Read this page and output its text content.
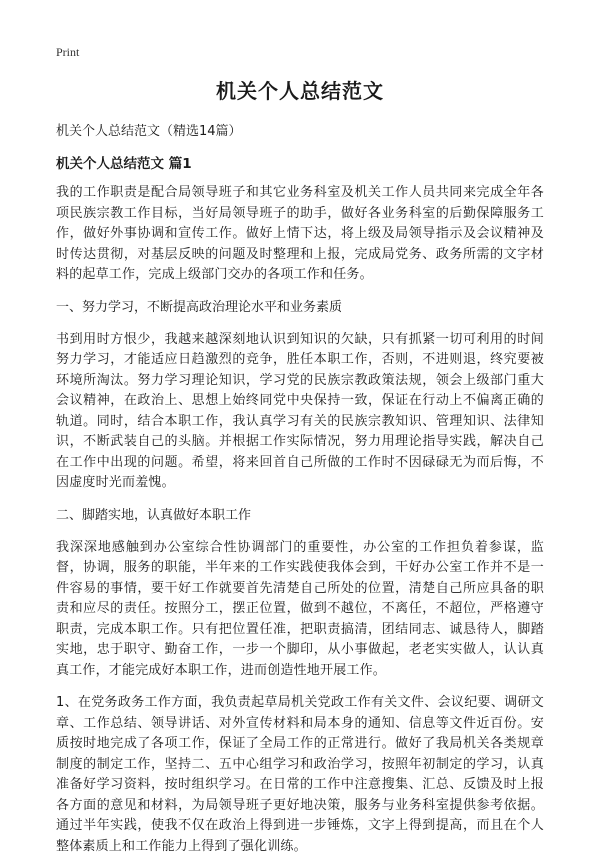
Print
机关个人总结范文
机关个人总结范文（精选14篇）
机关个人总结范文 篇1
我的工作职责是配合局领导班子和其它业务科室及机关工作人员共同来完成全年各项民族宗教工作目标，当好局领导班子的助手，做好各业务科室的后勤保障服务工作，做好外事协调和宣传工作。做好上情下达，将上级及局领导指示及会议精神及时传达贯彻，对基层反映的问题及时整理和上报，完成局党务、政务所需的文字材料的起草工作，完成上级部门交办的各项工作和任务。
一、努力学习，不断提高政治理论水平和业务素质
书到用时方恨少，我越来越深刻地认识到知识的欠缺，只有抓紧一切可利用的时间努力学习，才能适应日趋激烈的竞争，胜任本职工作，否则，不进则退，终究要被环境所淘汰。努力学习理论知识，学习党的民族宗教政策法规，领会上级部门重大会议精神，在政治上、思想上始终同党中央保持一致，保证在行动上不偏离正确的轨道。同时，结合本职工作，我认真学习有关的民族宗教知识、管理知识、法律知识，不断武装自己的头脑。并根据工作实际情况，努力用理论指导实践，解决自己在工作中出现的问题。希望，将来回首自己所做的工作时不因碌碌无为而后悔，不因虚度时光而羞愧。
二、脚踏实地，认真做好本职工作
我深深地感触到办公室综合性协调部门的重要性，办公室的工作担负着参谋，监督，协调，服务的职能，半年来的工作实践使我体会到，干好办公室工作并不是一件容易的事情，要干好工作就要首先清楚自己所处的位置，清楚自己所应具备的职责和应尽的责任。按照分工，摆正位置，做到不越位，不离任，不超位，严格遵守职责，完成本职工作。只有把位置任准，把职责搞清，团结同志、诚恳待人，脚踏实地，忠于职守、勤奋工作，一步一个脚印，从小事做起，老老实实做人，认认真真工作，才能完成好本职工作，进而创造性地开展工作。
1、在党务政务工作方面，我负责起草局机关党政工作有关文件、会议纪要、调研文章、工作总结、领导讲话、对外宣传材料和局本身的通知、信息等文件近百份。安质按时地完成了各项工作，保证了全局工作的正常进行。做好了我局机关各类规章制度的制定工作，坚持二、五中心组学习和政治学习，按照年初制定的学习，认真准备好学习资料，按时组织学习。在日常的工作中注意搜集、汇总、反馈及时上报各方面的意见和材料，为局领导班子更好地决策，服务与业务科室提供参考依据。通过半年实践，使我不仅在政治上得到进一步锤炼，文字上得到提高，而且在个人整体素质上和工作能力上得到了强化训练。
